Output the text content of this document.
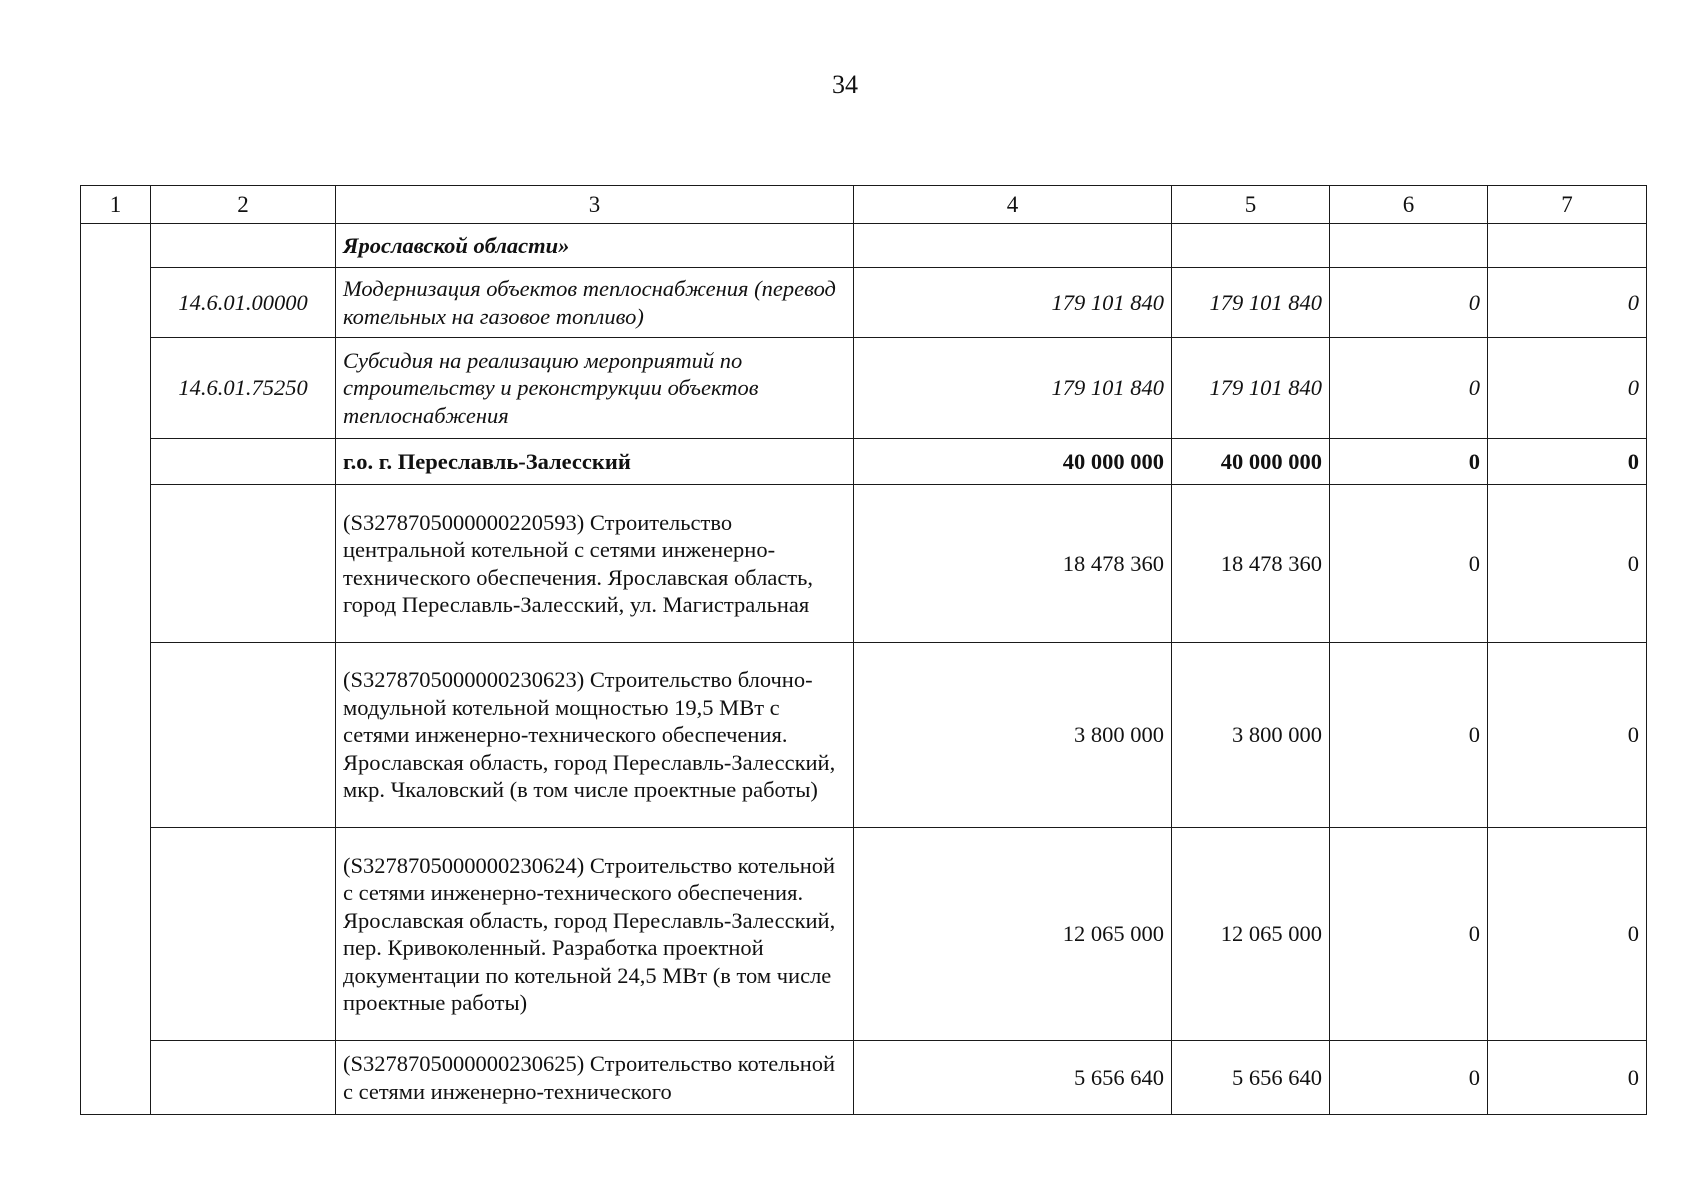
34
1	2	3	4	5	6	7
		Ярославской области»				
	14.6.01.00000	Модернизация объектов теплоснабжения (перевод котельных на газовое топливо)	179 101 840	179 101 840	0	0
	14.6.01.75250	Субсидия на реализацию мероприятий по строительству и реконструкции объектов теплоснабжения	179 101 840	179 101 840	0	0
		г.о. г. Переславль-Залесский	40 000 000	40 000 000	0	0
		(S3278705000000220593) Строительство центральной котельной с сетями инженерно-технического обеспечения. Ярославская область, город Переславль-Залесский, ул. Магистральная	18 478 360	18 478 360	0	0
		(S3278705000000230623) Строительство блочно-модульной котельной мощностью 19,5 МВт с сетями инженерно-технического обеспечения. Ярославская область, город Переславль-Залесский, мкр. Чкаловский (в том числе проектные работы)	3 800 000	3 800 000	0	0
		(S3278705000000230624) Строительство котельной с сетями инженерно-технического обеспечения. Ярославская область, город Переславль-Залесский, пер. Кривоколенный. Разработка проектной документации по котельной 24,5 МВт (в том числе проектные работы)	12 065 000	12 065 000	0	0
		(S3278705000000230625) Строительство котельной с сетями инженерно-технического	5 656 640	5 656 640	0	0
